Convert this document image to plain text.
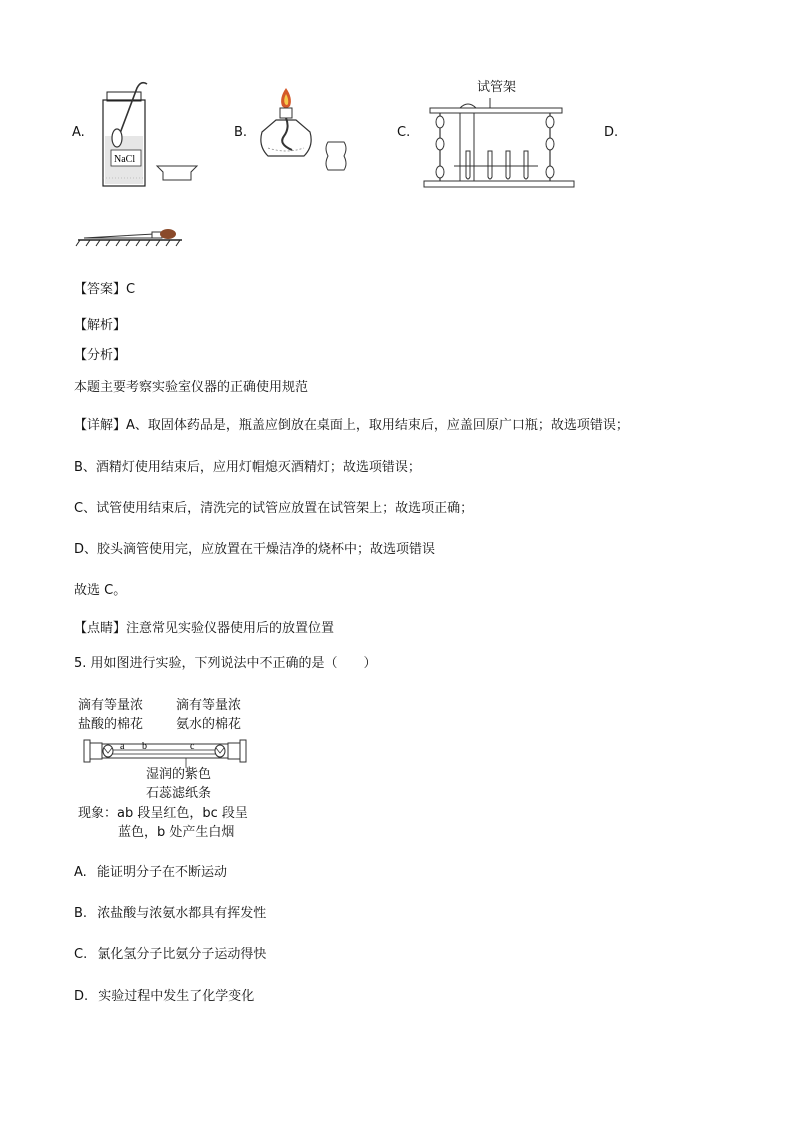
A.	B.	C.	D.
NaCl
试管架
【答案】C
【解析】
【分析】
本题主要考察实验室仪器的正确使用规范
【详解】A、取固体药品是，瓶盖应倒放在桌面上，取用结束后，应盖回原广口瓶；故选项错误；
B、酒精灯使用结束后，应用灯帽熄灭酒精灯；故选项错误；
C、试管使用结束后，清洗完的试管应放置在试管架上；故选项正确；
D、胶头滴管使用完，应放置在干燥洁净的烧杯中；故选项错误
故选 C。
【点睛】注意常见实验仪器使用后的放置位置
5. 用如图进行实验，下列说法中不正确的是（　　）
滴有等量浓
盐酸的棉花
滴有等量浓
氨水的棉花
a b	c
湿润的紫色
石蕊滤纸条
现象：ab 段呈红色，bc 段呈
蓝色，b 处产生白烟
A. 能证明分子在不断运动
B. 浓盐酸与浓氨水都具有挥发性
C. 氯化氢分子比氨分子运动得快
D. 实验过程中发生了化学变化
